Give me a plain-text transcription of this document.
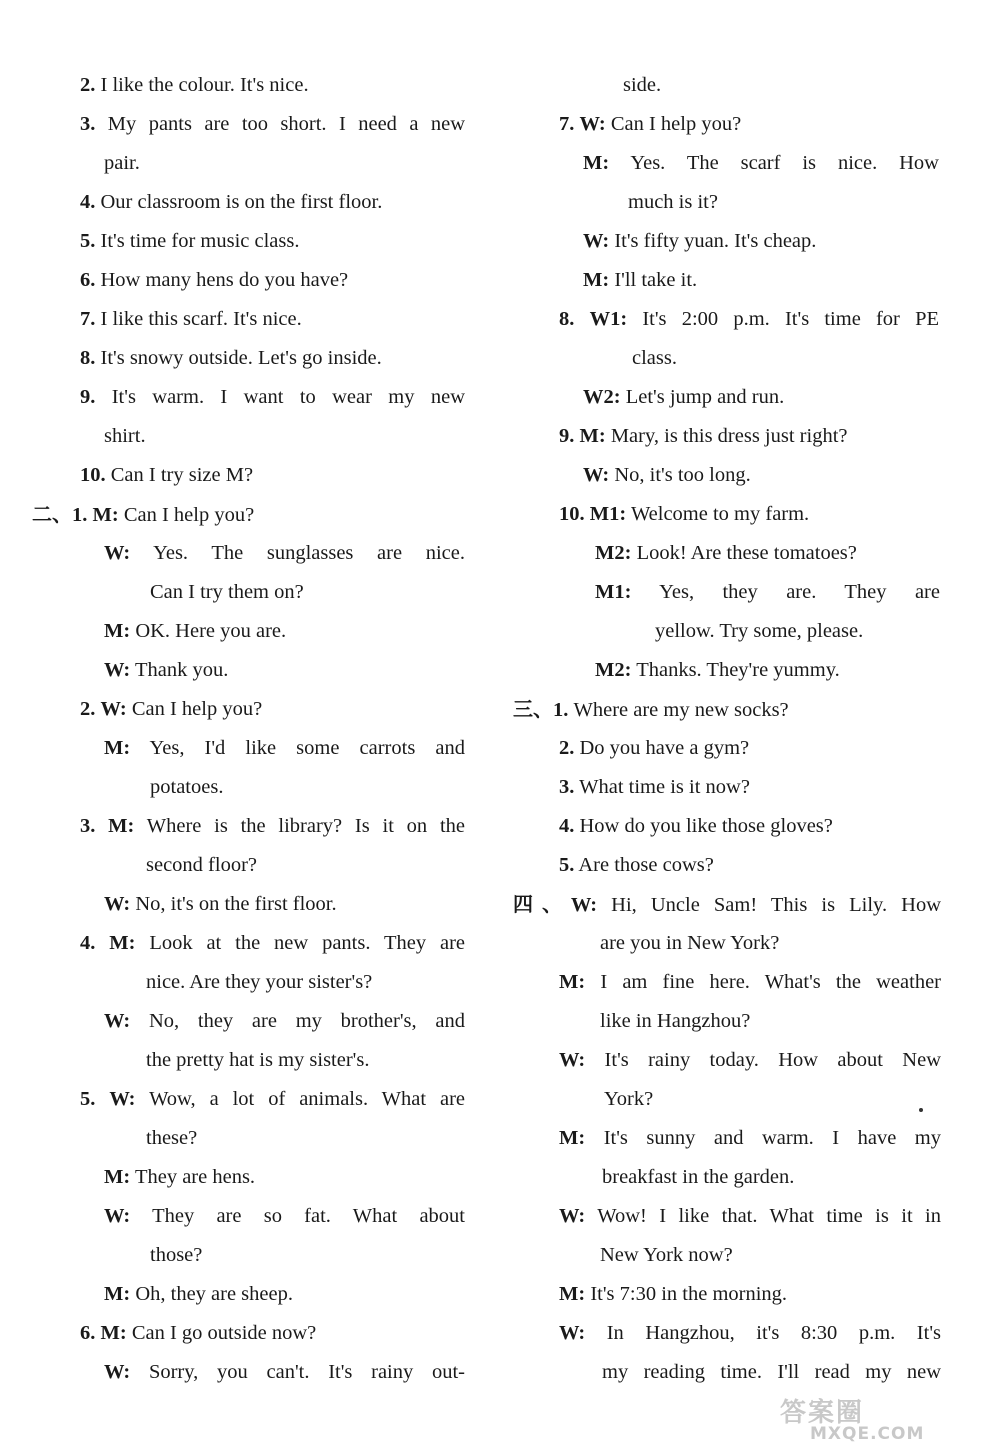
2. I like the colour. It's nice.
3. My pants are too short. I need a new
pair.
4. Our classroom is on the first floor.
5. It's time for music class.
6. How many hens do you have?
7. I like this scarf. It's nice.
8. It's snowy outside. Let's go inside.
9. It's warm. I want to wear my new
shirt.
10. Can I try size M?
二、1. M: Can I help you?
W: Yes. The sunglasses are nice.
Can I try them on?
M: OK. Here you are.
W: Thank you.
2. W: Can I help you?
M: Yes, I'd like some carrots and
potatoes.
3. M: Where is the library? Is it on the
second floor?
W: No, it's on the first floor.
4. M: Look at the new pants. They are
nice. Are they your sister's?
W: No, they are my brother's, and
the pretty hat is my sister's.
5. W: Wow, a lot of animals. What are
these?
M: They are hens.
W: They are so fat. What about
those?
M: Oh, they are sheep.
6. M: Can I go outside now?
W: Sorry, you can't. It's rainy out-
side.
7. W: Can I help you?
M: Yes. The scarf is nice. How
much is it?
W: It's fifty yuan. It's cheap.
M: I'll take it.
8. W1: It's 2:00 p.m. It's time for PE
class.
W2: Let's jump and run.
9. M: Mary, is this dress just right?
W: No, it's too long.
10. M1: Welcome to my farm.
M2: Look! Are these tomatoes?
M1: Yes, they are. They are
yellow. Try some, please.
M2: Thanks. They're yummy.
三、1. Where are my new socks?
2. Do you have a gym?
3. What time is it now?
4. How do you like those gloves?
5. Are those cows?
四、W: Hi, Uncle Sam! This is Lily. How
are you in New York?
M: I am fine here. What's the weather
like in Hangzhou?
W: It's rainy today. How about New
York?
M: It's sunny and warm. I have my
breakfast in the garden.
W: Wow! I like that. What time is it in
New York now?
M: It's 7:30 in the morning.
W: In Hangzhou, it's 8:30 p.m. It's
my reading time. I'll read my new
答案圈
MXQE.COM
